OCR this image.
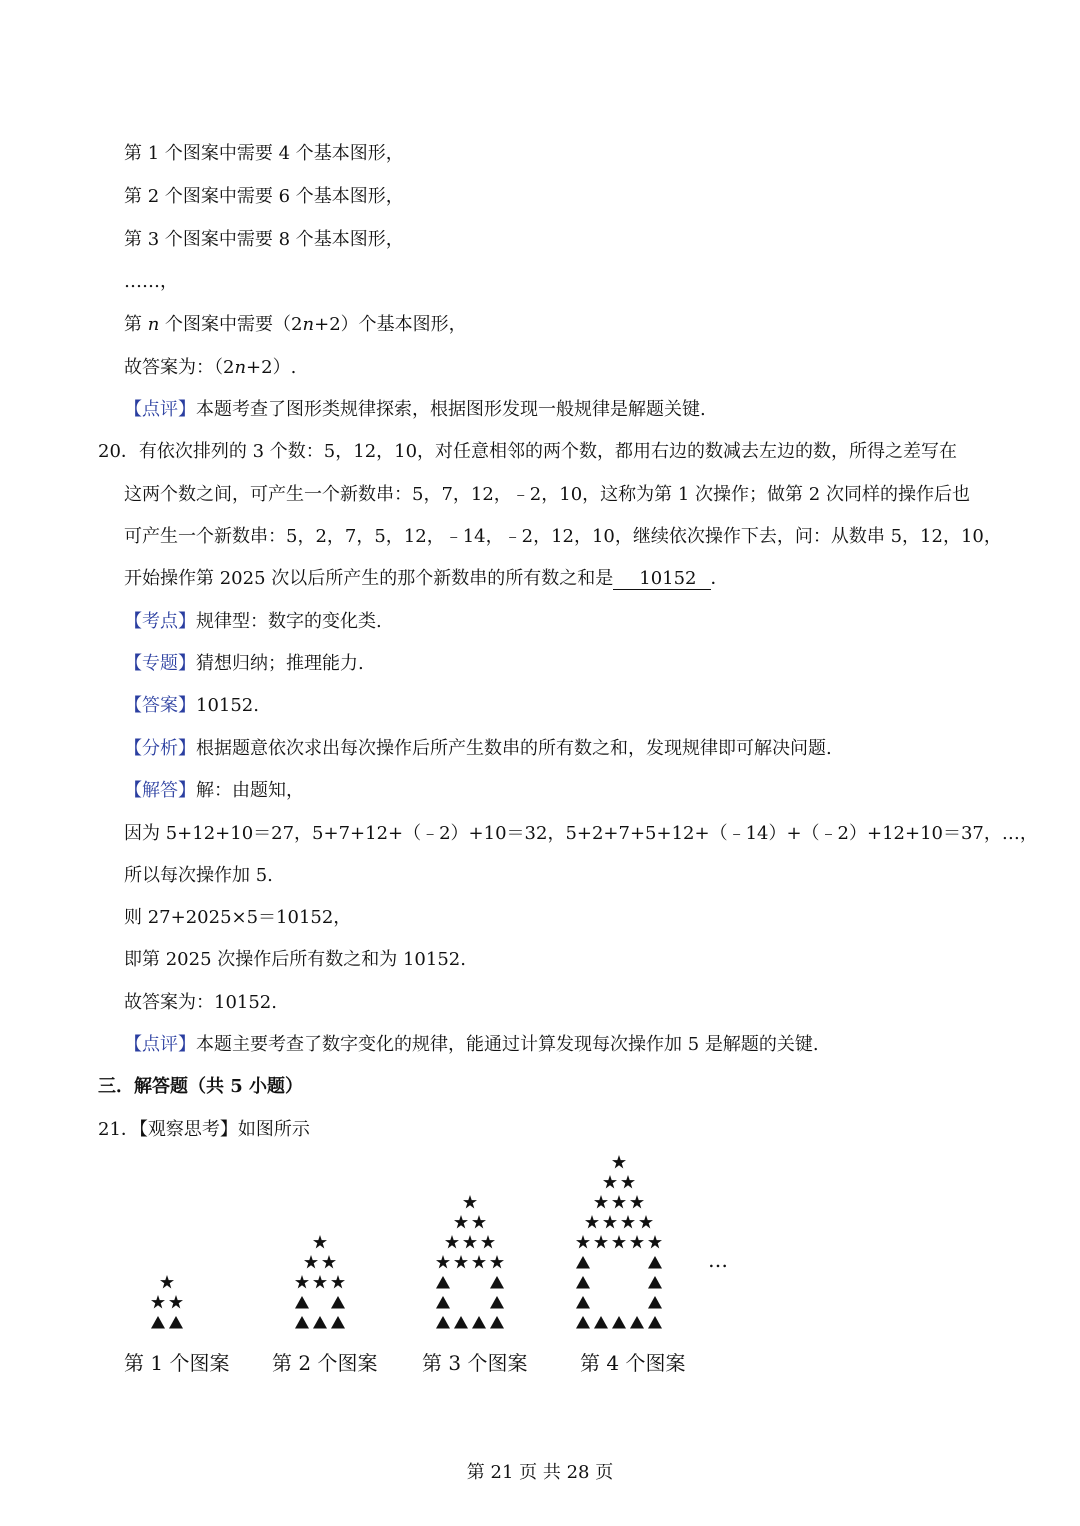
第 1 个图案中需要 4 个基本图形，
第 2 个图案中需要 6 个基本图形，
第 3 个图案中需要 8 个基本图形，
……，
第 n 个图案中需要（2n+2）个基本图形，
故答案为：（2n+2）.
【点评】本题考查了图形类规律探索，根据图形发现一般规律是解题关键.
20．有依次排列的 3 个数：5，12，10，对任意相邻的两个数，都用右边的数减去左边的数，所得之差写在
这两个数之间，可产生一个新数串：5，7，12，﹣2，10，这称为第 1 次操作；做第 2 次同样的操作后也
可产生一个新数串：5，2，7，5，12，﹣14，﹣2，12，10，继续依次操作下去，问：从数串 5，12，10，
开始操作第 2025 次以后所产生的那个新数串的所有数之和是 10152 ．
【考点】规律型：数字的变化类.
【专题】猜想归纳；推理能力.
【答案】10152.
【分析】根据题意依次求出每次操作后所产生数串的所有数之和，发现规律即可解决问题.
【解答】解：由题知，
因为 5+12+10＝27，5+7+12+（﹣2）+10＝32，5+2+7+5+12+（﹣14）+（﹣2）+12+10＝37，…，
所以每次操作加 5.
则 27+2025×5＝10152，
即第 2025 次操作后所有数之和为 10152.
故答案为：10152.
【点评】本题主要考查了数字变化的规律，能通过计算发现每次操作加 5 是解题的关键.
三．解答题（共 5 小题）
21．【观察思考】如图所示
第 1 个图案 第 2 个图案 第 3 个图案	第 4 个图案
…
第 21 页 共 28 页
